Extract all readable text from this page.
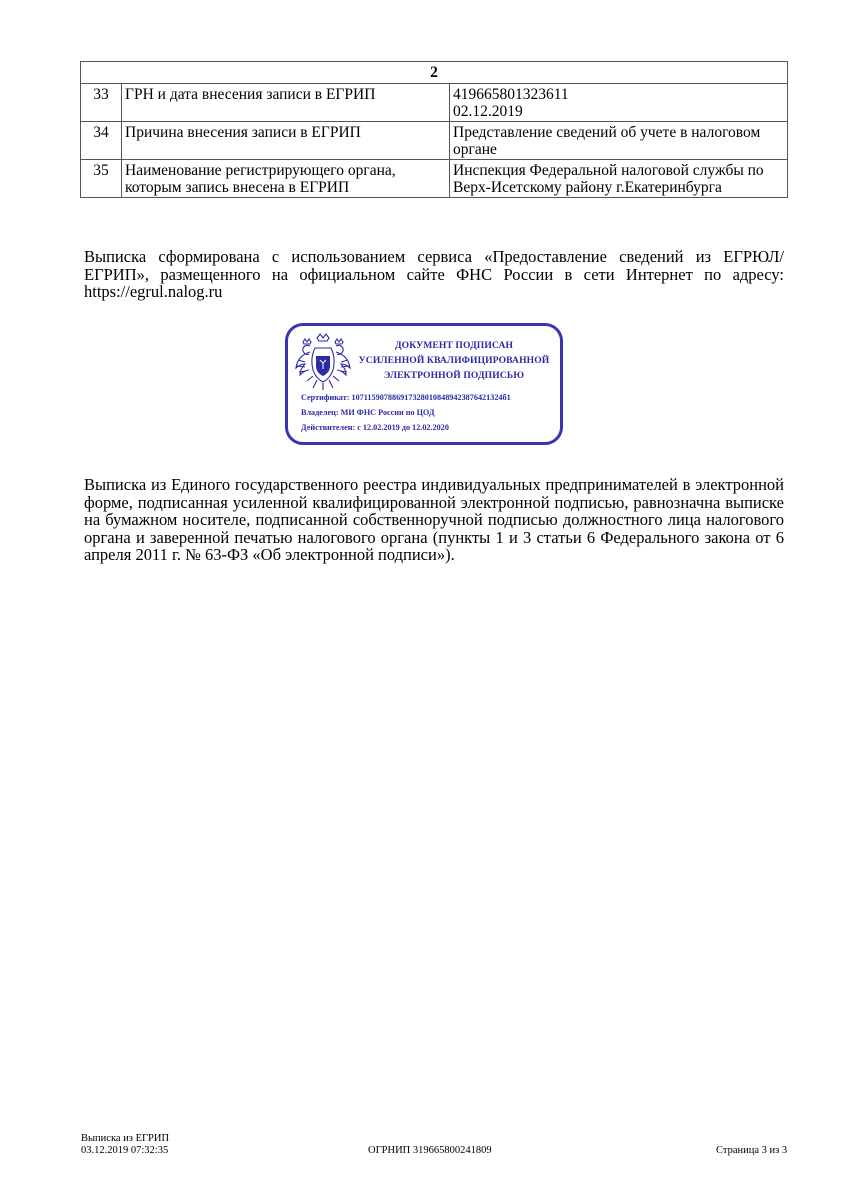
2		
33	ГРН и дата внесения записи в ЕГРИП	419665801323611
02.12.2019

34	Причина внесения записи в ЕГРИП	Представление сведений об учете в налоговом органе
35	Наименование регистрирующего органа, которым запись внесена в ЕГРИП	Инспекция Федеральной налоговой службы по Верх-Исетскому району г.Екатеринбурга

Выписка сформирована с использованием сервиса «Предоставление сведений из ЕГРЮЛ/ЕГРИП», размещенного на официальном сайте ФНС России в сети Интернет по адресу: https://egrul.nalog.ru

ДОКУМЕНТ ПОДПИСАН
УСИЛЕННОЙ КВАЛИФИЦИРОВАННОЙ
ЭЛЕКТРОННОЙ ПОДПИСЬЮ
Сертификат: 1071159078869173280108489423876421324б1
Владелец: МИ ФНС России по ЦОД
Действителен: с 12.02.2019 до 12.02.2020

Выписка из Единого государственного реестра индивидуальных предпринимателей в электронной форме, подписанная усиленной квалифицированной электронной подписью, равнозначна выписке на бумажном носителе, подписанной собственноручной подписью должностного лица налогового органа и заверенной печатью налогового органа (пункты 1 и 3 статьи 6 Федерального закона от 6 апреля 2011 г. № 63-ФЗ «Об электронной подписи»).

Выписка из ЕГРИП
03.12.2019 07:32:35	ОГРНИП 319665800241809	Страница 3 из 3
